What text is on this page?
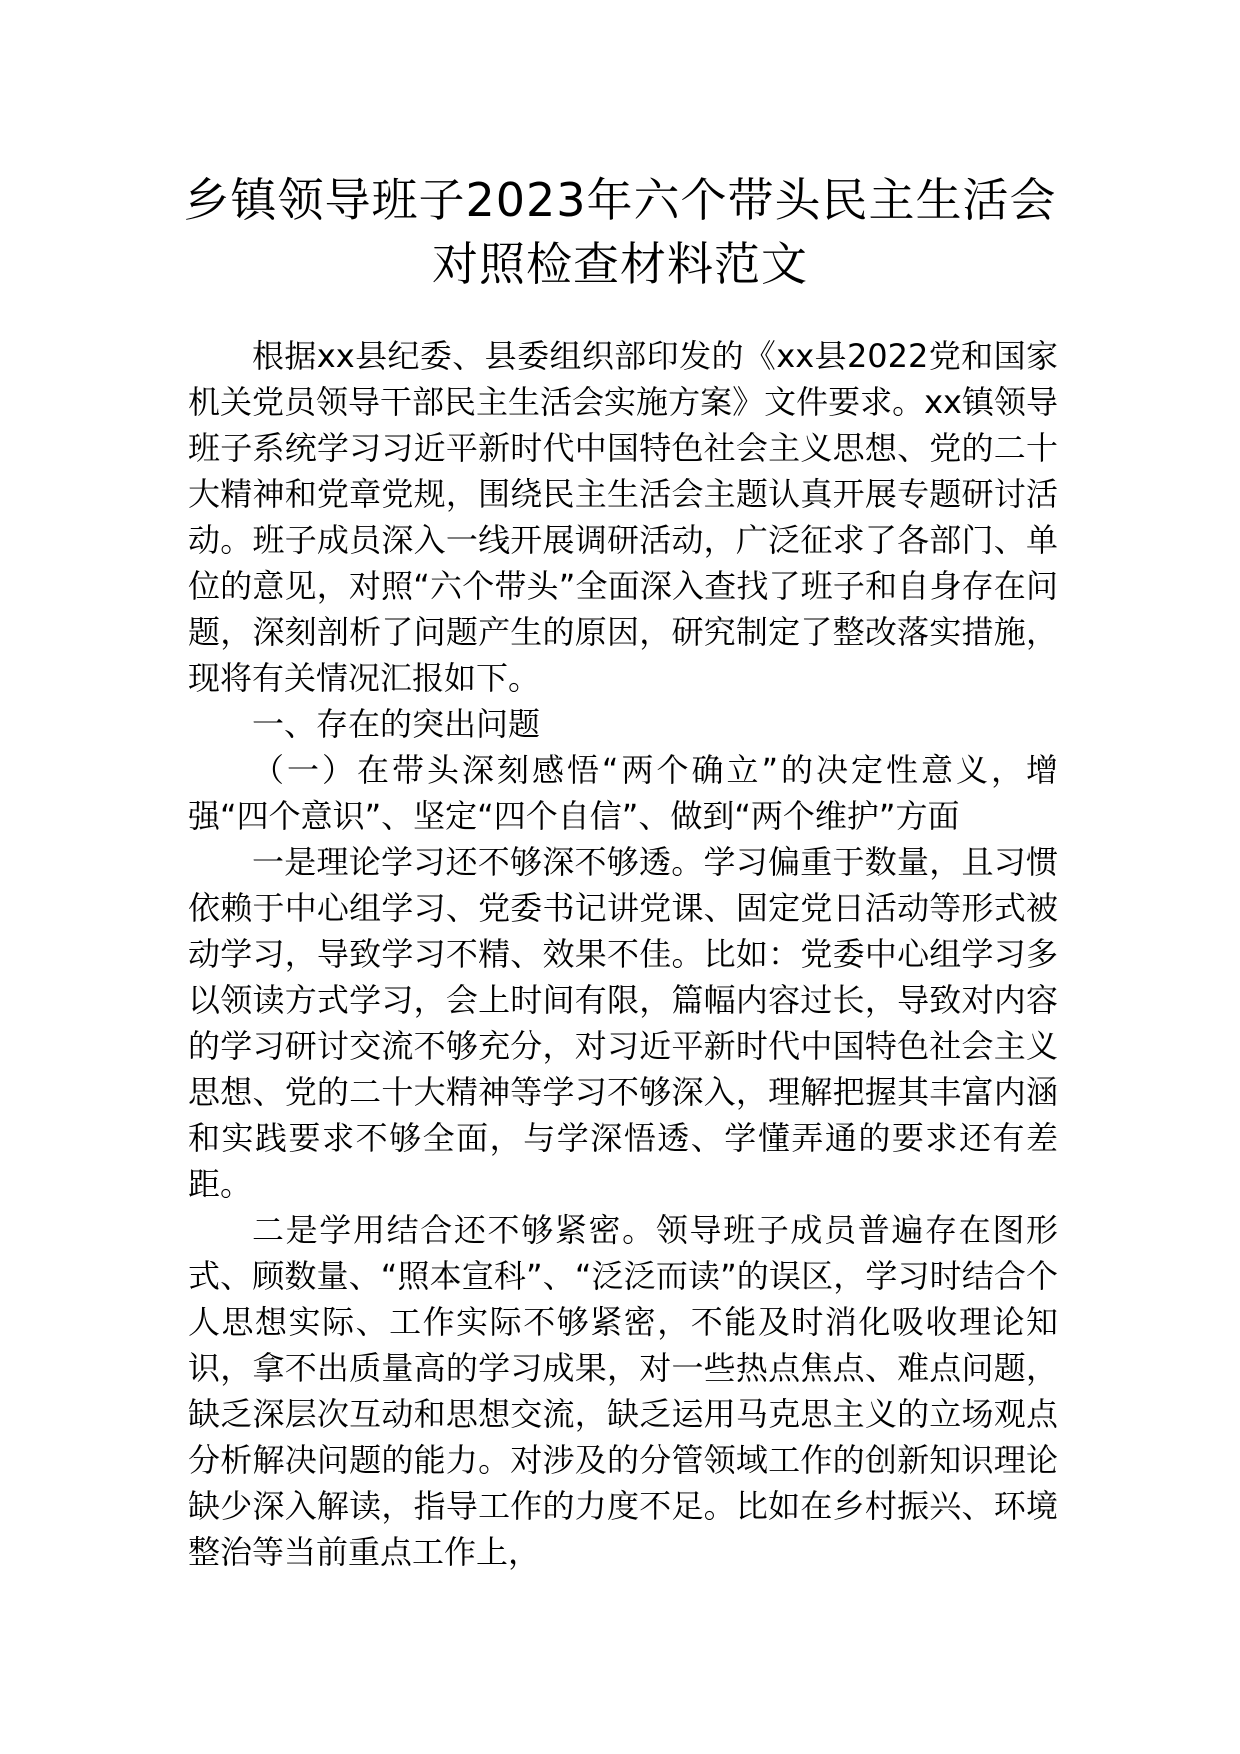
乡镇领导班子2023年六个带头民主生活会
对照检查材料范文

根据xx县纪委、县委组织部印发的《xx县2022党和国家机关党员领导干部民主生活会实施方案》文件要求。xx镇领导班子系统学习习近平新时代中国特色社会主义思想、党的二十大精神和党章党规，围绕民主生活会主题认真开展专题研讨活动。班子成员深入一线开展调研活动，广泛征求了各部门、单位的意见，对照“六个带头”全面深入查找了班子和自身存在问题，深刻剖析了问题产生的原因，研究制定了整改落实措施，现将有关情况汇报如下。

一、存在的突出问题

（一）在带头深刻感悟“两个确立”的决定性意义，增强“四个意识”、坚定“四个自信”、做到“两个维护”方面

一是理论学习还不够深不够透。学习偏重于数量，且习惯依赖于中心组学习、党委书记讲党课、固定党日活动等形式被动学习，导致学习不精、效果不佳。比如：党委中心组学习多以领读方式学习，会上时间有限，篇幅内容过长，导致对内容的学习研讨交流不够充分，对习近平新时代中国特色社会主义思想、党的二十大精神等学习不够深入，理解把握其丰富内涵和实践要求不够全面，与学深悟透、学懂弄通的要求还有差距。

二是学用结合还不够紧密。领导班子成员普遍存在图形式、顾数量、“照本宣科”、“泛泛而读”的误区，学习时结合个人思想实际、工作实际不够紧密，不能及时消化吸收理论知识，拿不出质量高的学习成果，对一些热点焦点、难点问题，缺乏深层次互动和思想交流，缺乏运用马克思主义的立场观点分析解决问题的能力。对涉及的分管领域工作的创新知识理论缺少深入解读，指导工作的力度不足。比如在乡村振兴、环境整治等当前重点工作上，
